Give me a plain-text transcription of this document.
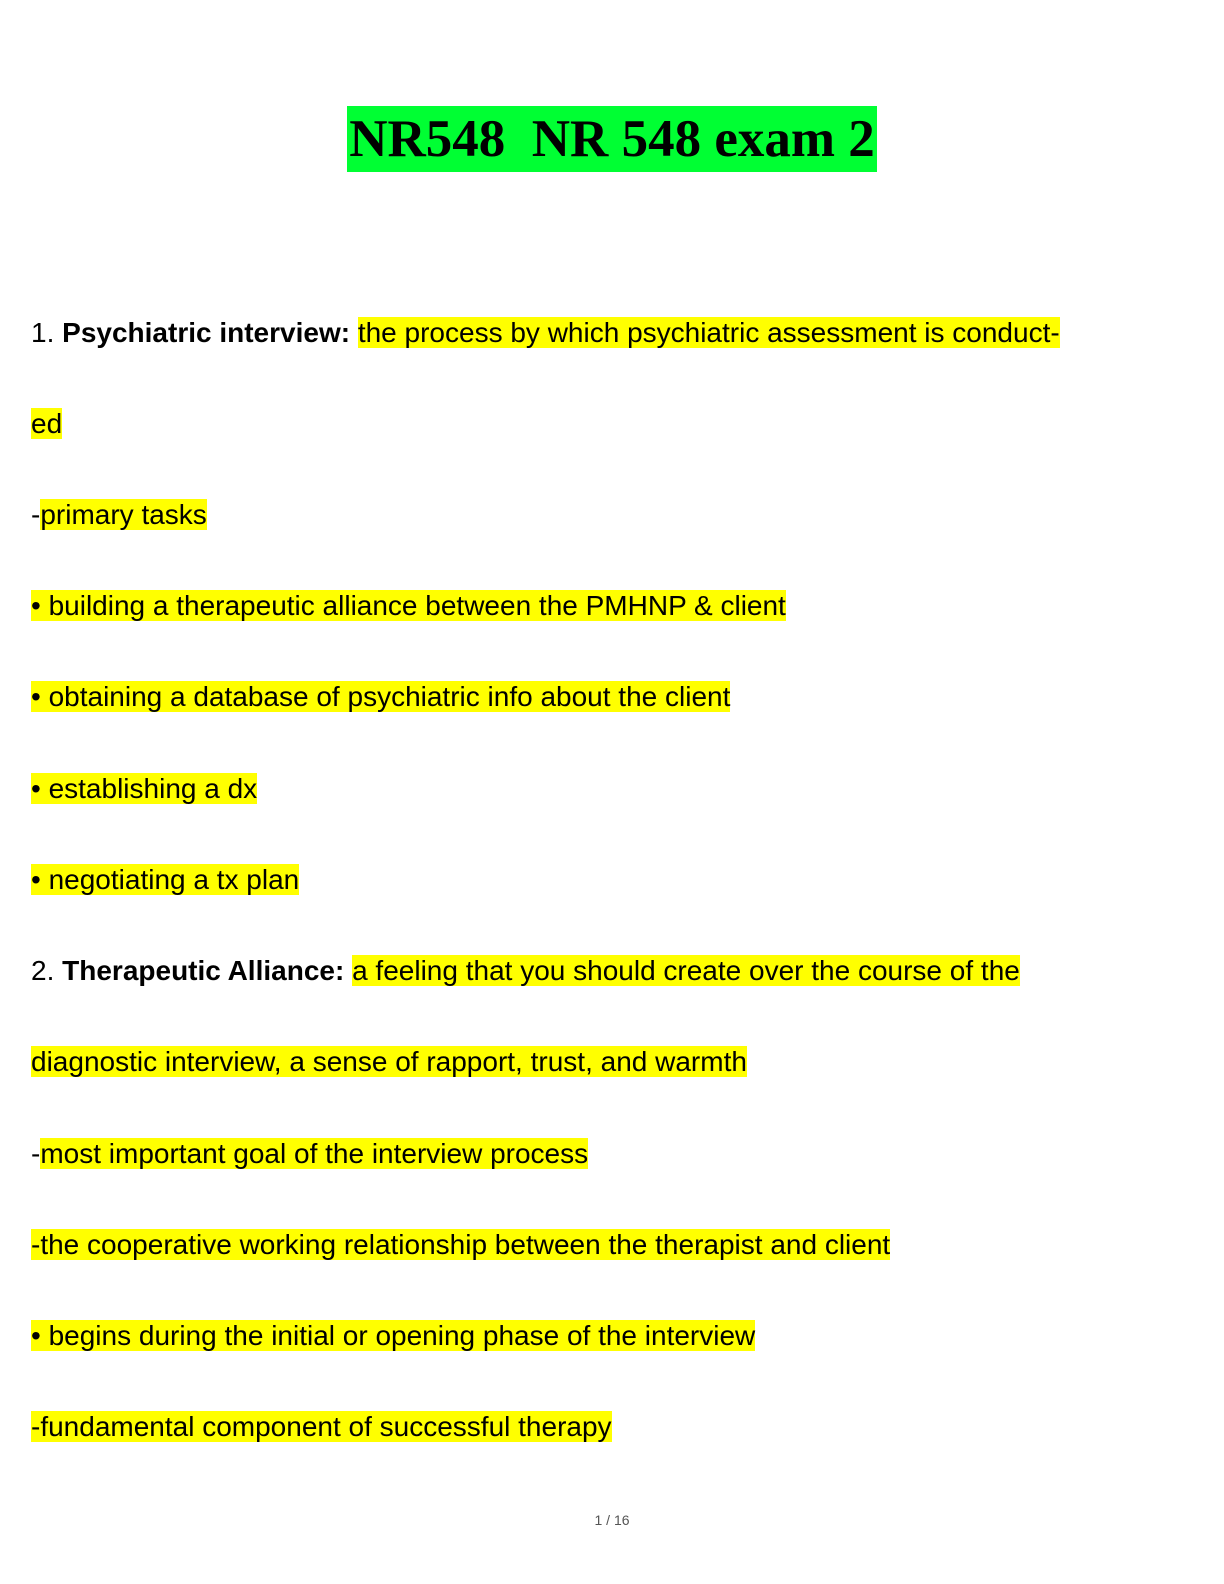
NR548  NR 548 exam 2
1. Psychiatric interview: the process by which psychiatric assessment is conduct-
ed
-primary tasks
• building a therapeutic alliance between the PMHNP & client
• obtaining a database of psychiatric info about the client
• establishing a dx
• negotiating a tx plan
2. Therapeutic Alliance: a feeling that you should create over the course of the
diagnostic interview, a sense of rapport, trust, and warmth
-most important goal of the interview process
-the cooperative working relationship between the therapist and client
• begins during the initial or opening phase of the interview
-fundamental component of successful therapy
1 / 16
